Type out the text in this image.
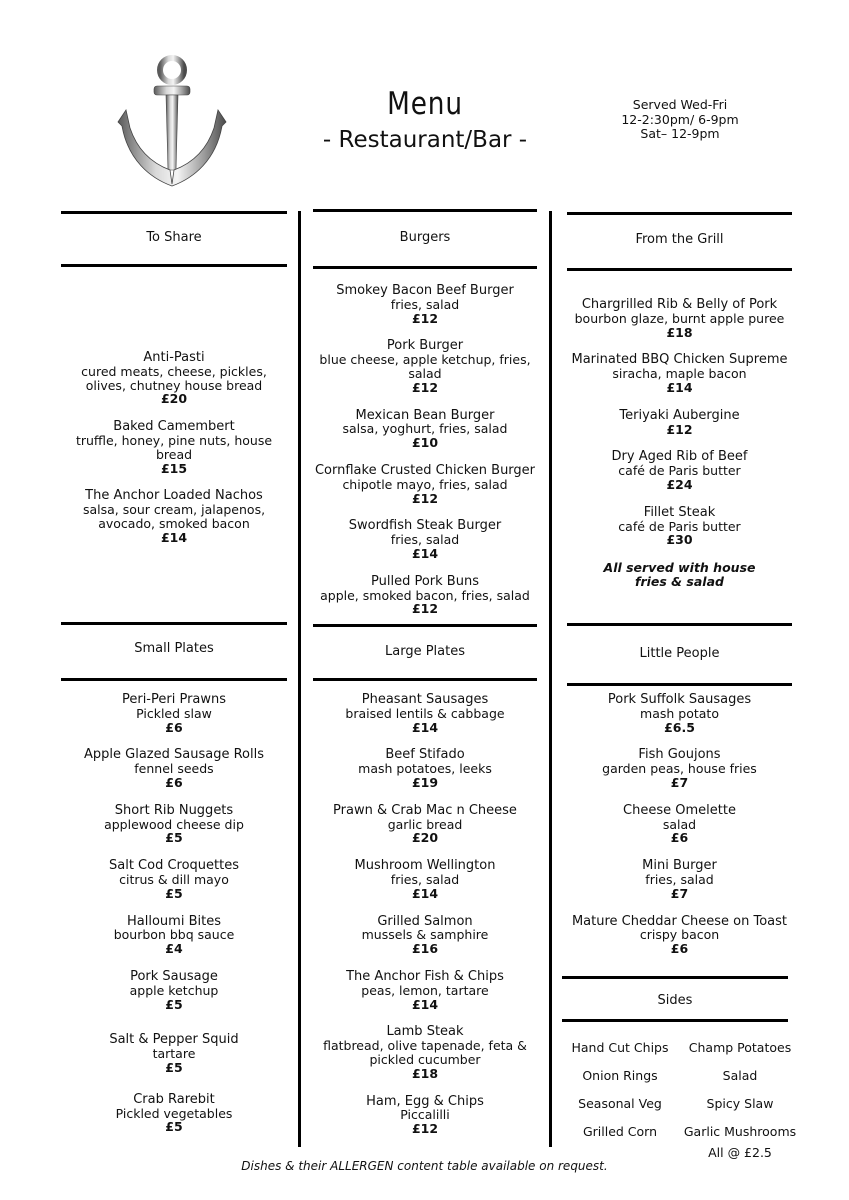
Menu
- Restaurant/Bar -
Served Wed-Fri
12-2:30pm/ 6-9pm
Sat– 12-9pm
To Share	Burgers	From the Grill
Small Plates	Large Plates	Little People
Sides
Anti-Pasti
cured meats, cheese, pickles, olives, chutney house bread
£20
Baked Camembert
truffle, honey, pine nuts, house bread
£15
The Anchor Loaded Nachos
salsa, sour cream, jalapenos, avocado, smoked bacon
£14
Smokey Bacon Beef Burger
fries, salad
£12
Pork Burger
blue cheese, apple ketchup, fries, salad
£12
Mexican Bean Burger
salsa, yoghurt, fries, salad
£10
Cornflake Crusted Chicken Burger
chipotle mayo, fries, salad
£12
Swordfish Steak Burger
fries, salad
£14
Pulled Pork Buns
apple, smoked bacon, fries, salad
£12
Chargrilled Rib & Belly of Pork
bourbon glaze, burnt apple puree
£18
Marinated BBQ Chicken Supreme
siracha, maple bacon
£14
Teriyaki Aubergine
£12
Dry Aged Rib of Beef
café de Paris butter
£24
Fillet Steak
café de Paris butter
£30
All served with house fries & salad
Peri-Peri Prawns
Pickled slaw
£6
Apple Glazed Sausage Rolls
fennel seeds
£6
Short Rib Nuggets
applewood cheese dip
£5
Salt Cod Croquettes
citrus & dill mayo
£5
Halloumi Bites
bourbon bbq sauce
£4
Pork Sausage
apple ketchup
£5
Salt & Pepper Squid
tartare
£5
Crab Rarebit
Pickled vegetables
£5
Pheasant Sausages
braised lentils & cabbage
£14
Beef Stifado
mash potatoes, leeks
£19
Prawn & Crab Mac n Cheese
garlic bread
£20
Mushroom Wellington
fries, salad
£14
Grilled Salmon
mussels & samphire
£16
The Anchor Fish & Chips
peas, lemon, tartare
£14
Lamb Steak
flatbread, olive tapenade, feta & pickled cucumber
£18
Ham, Egg & Chips
Piccalilli
£12
Pork Suffolk Sausages
mash potato
£6.5
Fish Goujons
garden peas, house fries
£7
Cheese Omelette
salad
£6
Mini Burger
fries, salad
£7
Mature Cheddar Cheese on Toast
crispy bacon
£6
Hand Cut Chips	Champ Potatoes
Onion Rings	Salad
Seasonal Veg	Spicy Slaw
Grilled Corn	Garlic Mushrooms
All @ £2.5
Dishes & their ALLERGEN content table available on request.
